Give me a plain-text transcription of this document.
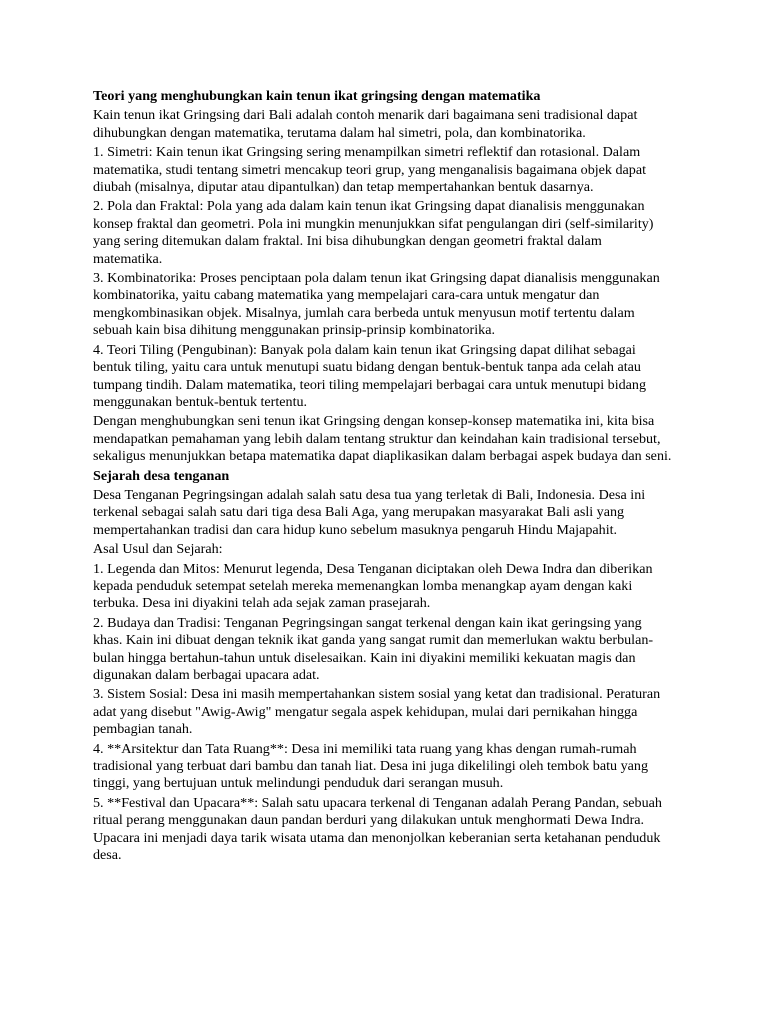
Teori yang menghubungkan kain tenun ikat gringsing dengan matematika

Kain tenun ikat Gringsing dari Bali adalah contoh menarik dari bagaimana seni tradisional dapat dihubungkan dengan matematika, terutama dalam hal simetri, pola, dan kombinatorika.

1. Simetri: Kain tenun ikat Gringsing sering menampilkan simetri reflektif dan rotasional. Dalam matematika, studi tentang simetri mencakup teori grup, yang menganalisis bagaimana objek dapat diubah (misalnya, diputar atau dipantulkan) dan tetap mempertahankan bentuk dasarnya.

2. Pola dan Fraktal: Pola yang ada dalam kain tenun ikat Gringsing dapat dianalisis menggunakan konsep fraktal dan geometri. Pola ini mungkin menunjukkan sifat pengulangan diri (self-similarity) yang sering ditemukan dalam fraktal. Ini bisa dihubungkan dengan geometri fraktal dalam matematika.

3. Kombinatorika: Proses penciptaan pola dalam tenun ikat Gringsing dapat dianalisis menggunakan kombinatorika, yaitu cabang matematika yang mempelajari cara-cara untuk mengatur dan mengkombinasikan objek. Misalnya, jumlah cara berbeda untuk menyusun motif tertentu dalam sebuah kain bisa dihitung menggunakan prinsip-prinsip kombinatorika.

4. Teori Tiling (Pengubinan): Banyak pola dalam kain tenun ikat Gringsing dapat dilihat sebagai bentuk tiling, yaitu cara untuk menutupi suatu bidang dengan bentuk-bentuk tanpa ada celah atau tumpang tindih. Dalam matematika, teori tiling mempelajari berbagai cara untuk menutupi bidang menggunakan bentuk-bentuk tertentu.

Dengan menghubungkan seni tenun ikat Gringsing dengan konsep-konsep matematika ini, kita bisa mendapatkan pemahaman yang lebih dalam tentang struktur dan keindahan kain tradisional tersebut, sekaligus menunjukkan betapa matematika dapat diaplikasikan dalam berbagai aspek budaya dan seni.

Sejarah desa tenganan

Desa Tenganan Pegringsingan adalah salah satu desa tua yang terletak di Bali, Indonesia. Desa ini terkenal sebagai salah satu dari tiga desa Bali Aga, yang merupakan masyarakat Bali asli yang mempertahankan tradisi dan cara hidup kuno sebelum masuknya pengaruh Hindu Majapahit.

Asal Usul dan Sejarah:

1. Legenda dan Mitos: Menurut legenda, Desa Tenganan diciptakan oleh Dewa Indra dan diberikan kepada penduduk setempat setelah mereka memenangkan lomba menangkap ayam dengan kaki terbuka. Desa ini diyakini telah ada sejak zaman prasejarah.

2. Budaya dan Tradisi: Tenganan Pegringsingan sangat terkenal dengan kain ikat geringsing yang khas. Kain ini dibuat dengan teknik ikat ganda yang sangat rumit dan memerlukan waktu berbulan-bulan hingga bertahun-tahun untuk diselesaikan. Kain ini diyakini memiliki kekuatan magis dan digunakan dalam berbagai upacara adat.

3. Sistem Sosial: Desa ini masih mempertahankan sistem sosial yang ketat dan tradisional. Peraturan adat yang disebut "Awig-Awig" mengatur segala aspek kehidupan, mulai dari pernikahan hingga pembagian tanah.

4. **Arsitektur dan Tata Ruang**: Desa ini memiliki tata ruang yang khas dengan rumah-rumah tradisional yang terbuat dari bambu dan tanah liat. Desa ini juga dikelilingi oleh tembok batu yang tinggi, yang bertujuan untuk melindungi penduduk dari serangan musuh.

5. **Festival dan Upacara**: Salah satu upacara terkenal di Tenganan adalah Perang Pandan, sebuah ritual perang menggunakan daun pandan berduri yang dilakukan untuk menghormati Dewa Indra. Upacara ini menjadi daya tarik wisata utama dan menonjolkan keberanian serta ketahanan penduduk desa.
